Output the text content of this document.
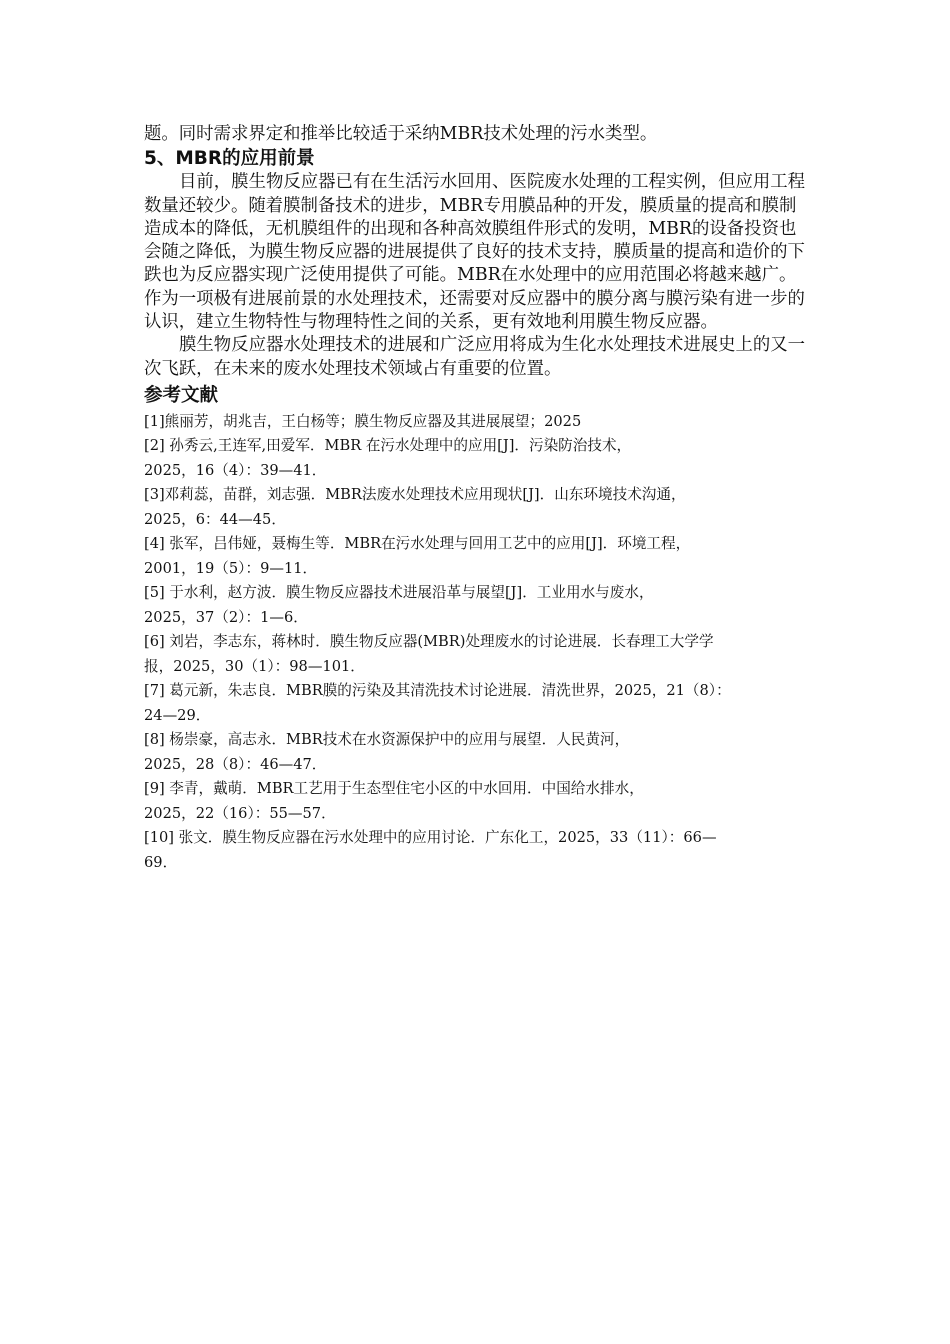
题。同时需求界定和推举比较适于采纳MBR技术处理的污水类型。

5、MBR的应用前景

目前，膜生物反应器已有在生活污水回用、医院废水处理的工程实例，但应用工程数量还较少。随着膜制备技术的进步，MBR专用膜品种的开发，膜质量的提高和膜制造成本的降低，无机膜组件的出现和各种高效膜组件形式的发明，MBR的设备投资也会随之降低，为膜生物反应器的进展提供了良好的技术支持，膜质量的提高和造价的下跌也为反应器实现广泛使用提供了可能。MBR在水处理中的应用范围必将越来越广。作为一项极有进展前景的水处理技术，还需要对反应器中的膜分离与膜污染有进一步的认识，建立生物特性与物理特性之间的关系，更有效地利用膜生物反应器。

膜生物反应器水处理技术的进展和广泛应用将成为生化水处理技术进展史上的又一次飞跃，在未来的废水处理技术领域占有重要的位置。

参考文献

[1]熊丽芳，胡兆吉，王白杨等；膜生物反应器及其进展展望；2025

[2] 孙秀云,王连军,田爱军．MBR 在污水处理中的应用[J]．污染防治技术，

2025，16（4）：39—41．

[3]邓莉蕊，苗群，刘志强．MBR法废水处理技术应用现状[J]．山东环境技术沟通，

2025，6：44—45．

[4] 张军，吕伟娅，聂梅生等．MBR在污水处理与回用工艺中的应用[J]．环境工程，

2001，19（5）：9—11．

[5] 于水利，赵方波．膜生物反应器技术进展沿革与展望[J]．工业用水与废水，

2025，37（2）：1—6．

[6] 刘岩，李志东，蒋林时．膜生物反应器(MBR)处理废水的讨论进展．长春理工大学学

报，2025，30（1）：98—101．

[7] 葛元新，朱志良．MBR膜的污染及其清洗技术讨论进展．清洗世界，2025，21（8）：

24—29．

[8] 杨崇豪，高志永．MBR技术在水资源保护中的应用与展望．人民黄河，

2025，28（8）：46—47．

[9] 李青，戴萌．MBR工艺用于生态型住宅小区的中水回用．中国给水排水，

2025，22（16）：55—57．

[10] 张文．膜生物反应器在污水处理中的应用讨论．广东化工，2025，33（11）：66—

69．
